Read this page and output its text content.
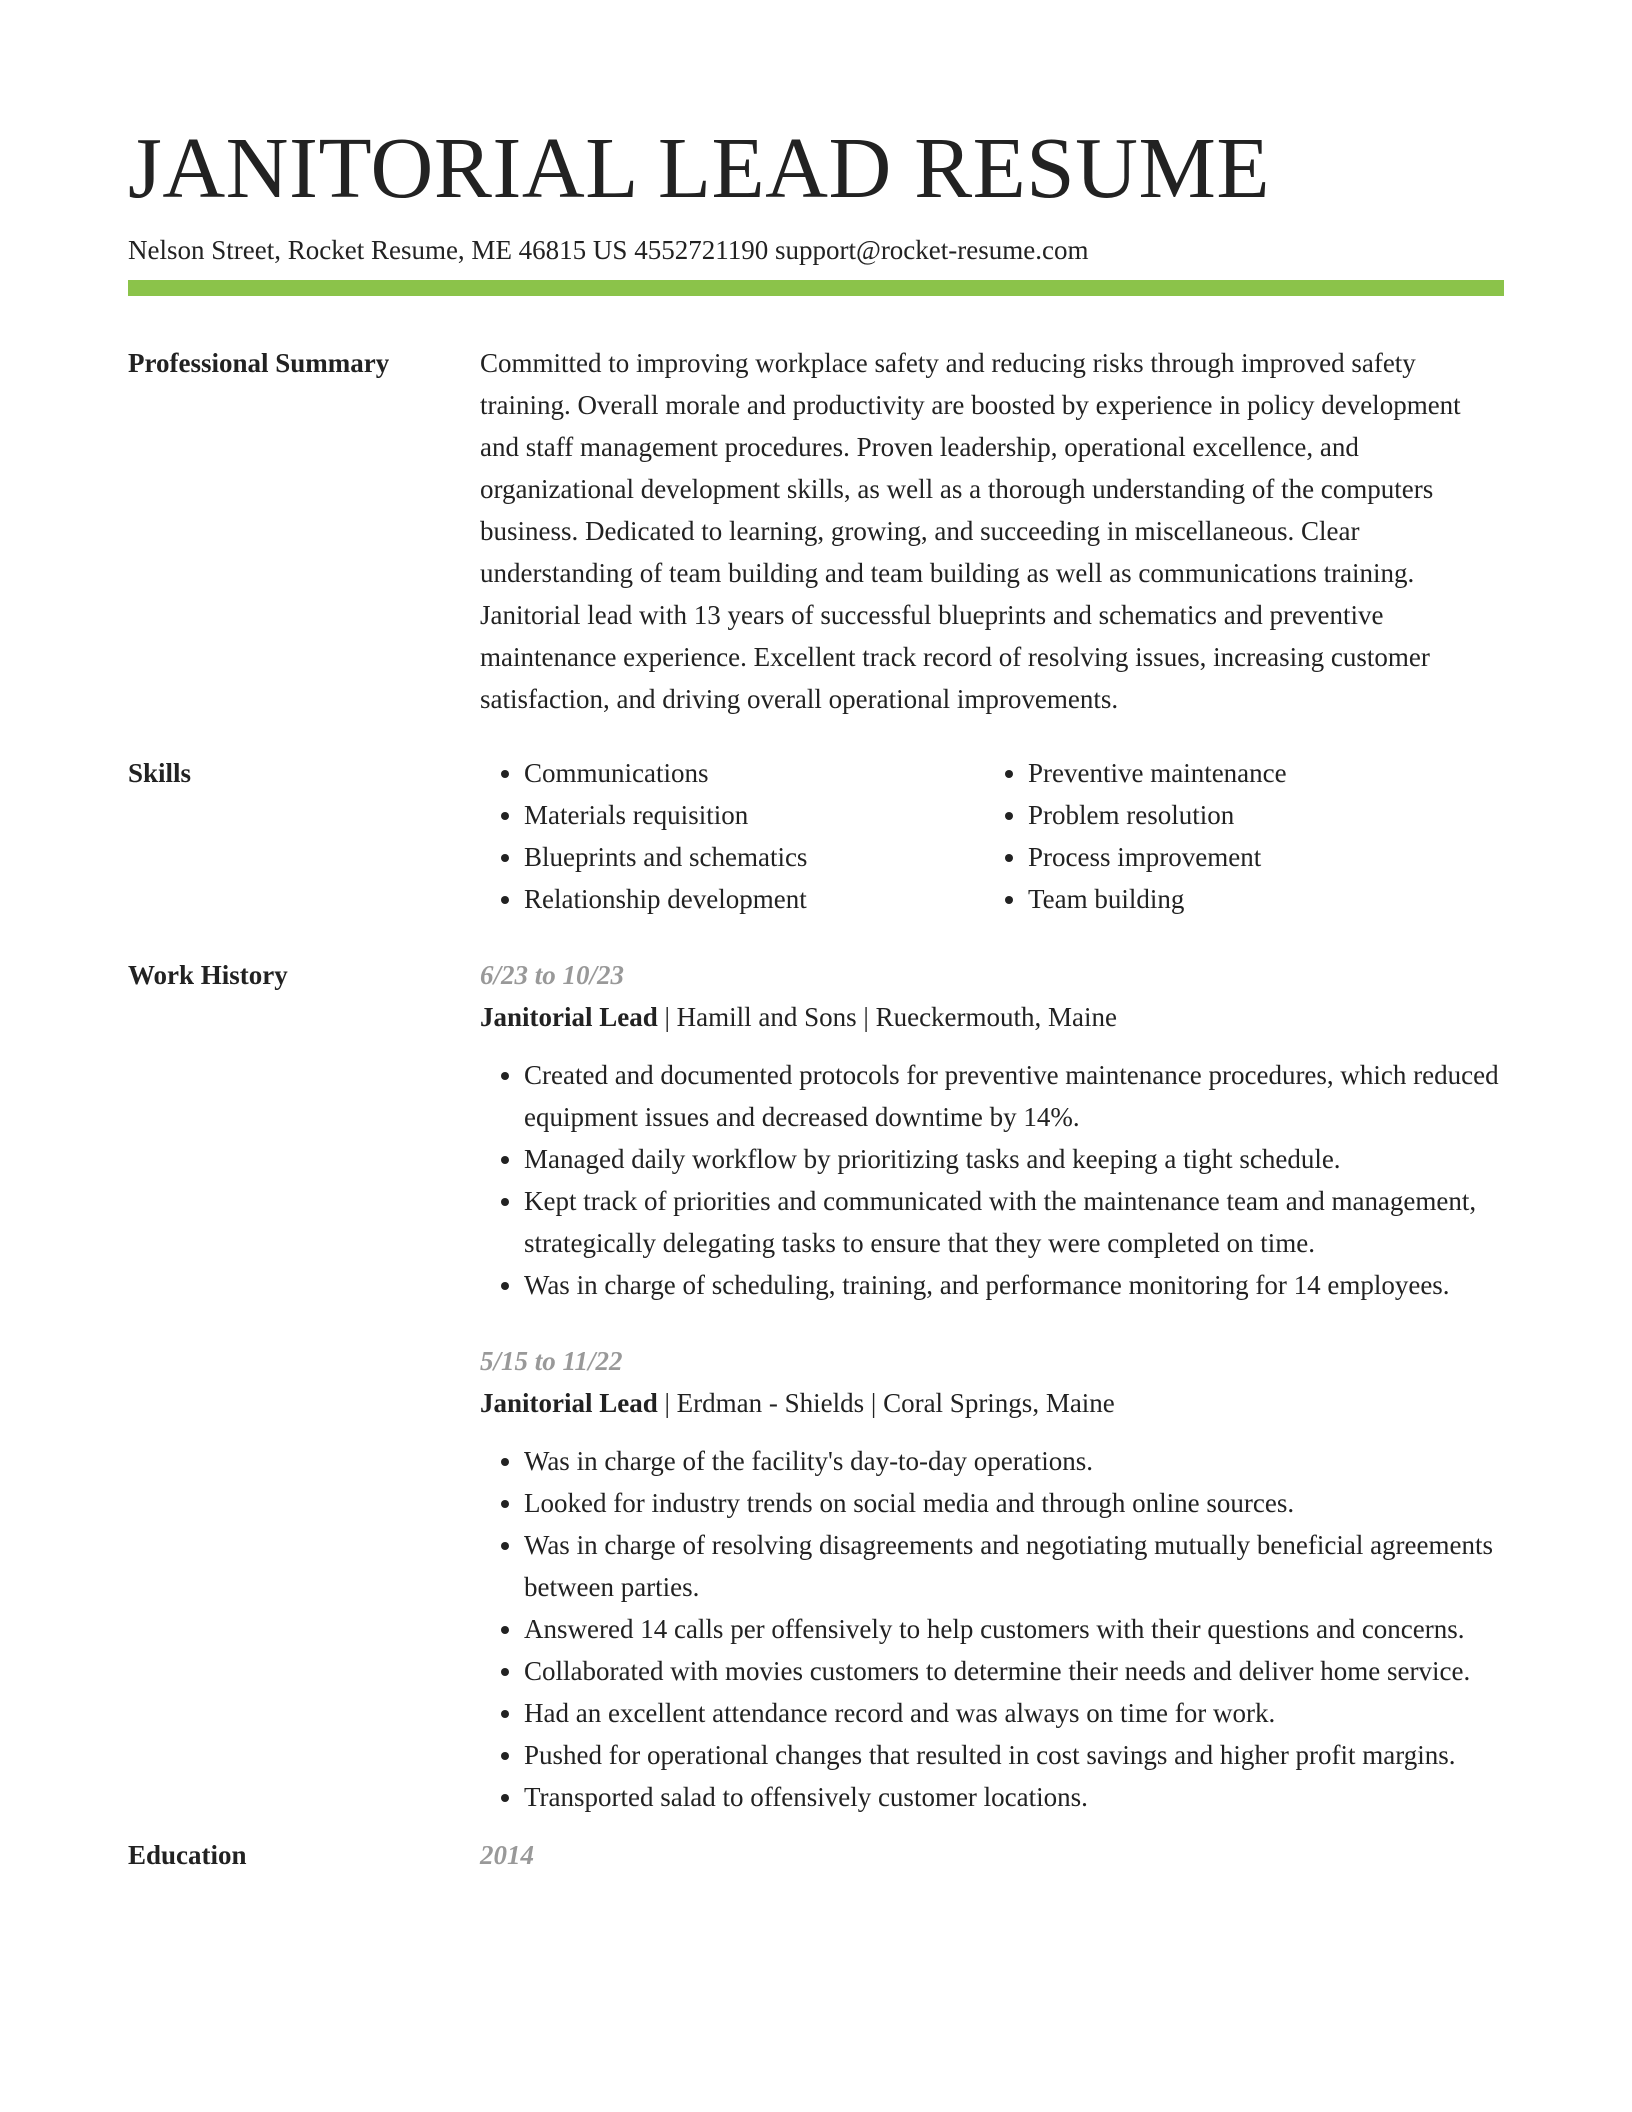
JANITORIAL LEAD RESUME
Nelson Street, Rocket Resume, ME 46815 US 4552721190 support@rocket-resume.com
Professional Summary	Committed to improving workplace safety and reducing risks through improved safety training. Overall morale and productivity are boosted by experience in policy development and staff management procedures. Proven leadership, operational excellence, and organizational development skills, as well as a thorough understanding of the computers business. Dedicated to learning, growing, and succeeding in miscellaneous. Clear understanding of team building and team building as well as communications training. Janitorial lead with 13 years of successful blueprints and schematics and preventive maintenance experience. Excellent track record of resolving issues, increasing customer satisfaction, and driving overall operational improvements.

Skills	• Communications
• Materials requisition
• Blueprints and schematics
• Relationship development
• Preventive maintenance
• Problem resolution
• Process improvement
• Team building
Work History	6/23 to 10/23
Janitorial Lead | Hamill and Sons | Rueckermouth, Maine
• Created and documented protocols for preventive maintenance procedures, which reduced equipment issues and decreased downtime by 14%.
• Managed daily workflow by prioritizing tasks and keeping a tight schedule.
• Kept track of priorities and communicated with the maintenance team and management, strategically delegating tasks to ensure that they were completed on time.
• Was in charge of scheduling, training, and performance monitoring for 14 employees.
5/15 to 11/22
Janitorial Lead | Erdman - Shields | Coral Springs, Maine
• Was in charge of the facility's day-to-day operations.
• Looked for industry trends on social media and through online sources.
• Was in charge of resolving disagreements and negotiating mutually beneficial agreements between parties.
• Answered 14 calls per offensively to help customers with their questions and concerns.
• Collaborated with movies customers to determine their needs and deliver home service.
• Had an excellent attendance record and was always on time for work.
• Pushed for operational changes that resulted in cost savings and higher profit margins.
• Transported salad to offensively customer locations.
Education	2014
